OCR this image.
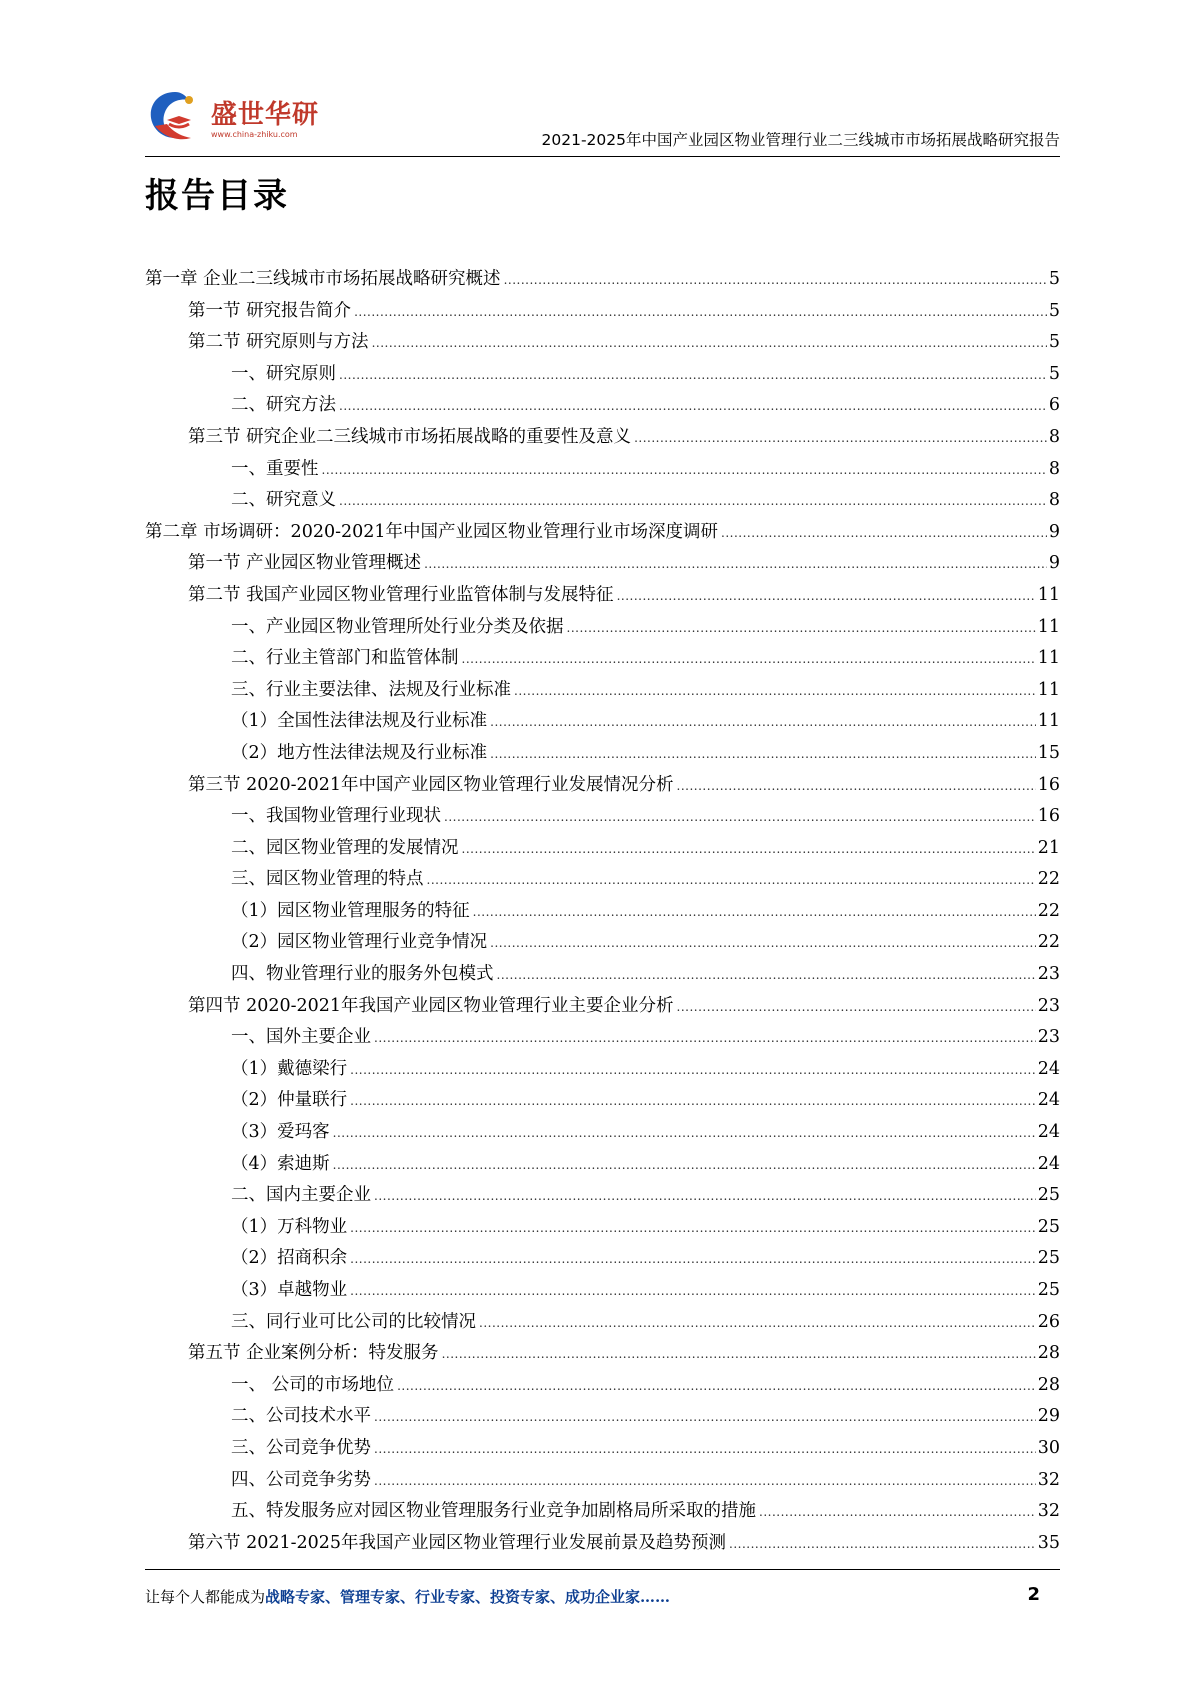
盛世华研
www.china-zhiku.com	2021-2025年中国产业园区物业管理行业二三线城市市场拓展战略研究报告
报告目录
第一章 企业二三线城市市场拓展战略研究概述 .....	5
第一节 研究报告简介 .....	5
第二节 研究原则与方法 .....	5
一、研究原则 .....	5
二、研究方法 .....	6
第三节 研究企业二三线城市市场拓展战略的重要性及意义 .....	8
一、重要性 .....	8
二、研究意义 .....	8
第二章 市场调研：2020-2021年中国产业园区物业管理行业市场深度调研 .....	9
第一节 产业园区物业管理概述 .....	9
第二节 我国产业园区物业管理行业监管体制与发展特征 .....	11
一、产业园区物业管理所处行业分类及依据 .....	11
二、行业主管部门和监管体制 .....	11
三、行业主要法律、法规及行业标准 .....	11
（1）全国性法律法规及行业标准 .....	11
（2）地方性法律法规及行业标准 .....	15
第三节 2020-2021年中国产业园区物业管理行业发展情况分析 .....	16
一、我国物业管理行业现状 .....	16
二、园区物业管理的发展情况 .....	21
三、园区物业管理的特点 .....	22
（1）园区物业管理服务的特征 .....	22
（2）园区物业管理行业竞争情况 .....	22
四、物业管理行业的服务外包模式 .....	23
第四节 2020-2021年我国产业园区物业管理行业主要企业分析 .....	23
一、国外主要企业 .....	23
（1）戴德梁行 .....	24
（2）仲量联行 .....	24
（3）爱玛客 .....	24
（4）索迪斯 .....	24
二、国内主要企业 .....	25
（1）万科物业 .....	25
（2）招商积余 .....	25
（3）卓越物业 .....	25
三、同行业可比公司的比较情况 .....	26
第五节 企业案例分析：特发服务 .....	28
一、 公司的市场地位 .....	28
二、公司技术水平 .....	29
三、公司竞争优势 .....	30
四、公司竞争劣势 .....	32
五、特发服务应对园区物业管理服务行业竞争加剧格局所采取的措施 .....	32
第六节 2021-2025年我国产业园区物业管理行业发展前景及趋势预测 .....	35
让每个人都能成为战略专家、管理专家、行业专家、投资专家、成功企业家……	2
